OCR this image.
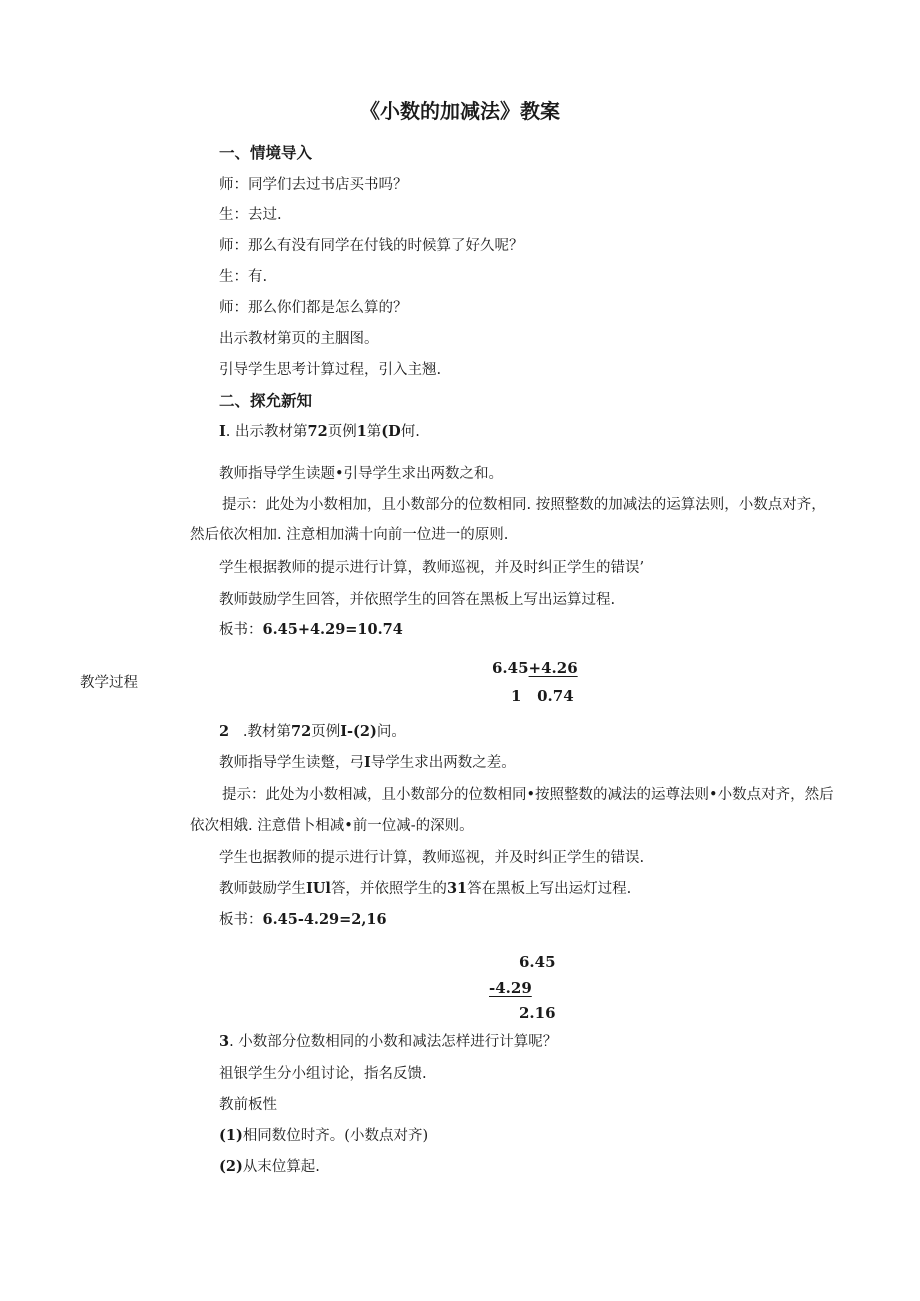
《小数的加减法》教案
一、情境导入
师：同学们去过书店买书吗？
生：去过.
师：那么有没有同学在付钱的时候算了好久呢？
生：有.
师：那么你们都是怎么算的？
出示教材第页的主胭图。
引导学生思考计算过程，引入主翘.
二、探允新知
I. 出示教材第72页例1第(D何.
教师指导学生读题•引导学生求出两数之和。
提示：此处为小数相加，且小数部分的位数相同. 按照整数的加减法的运算法则，小数点对齐，
然后依次相加. 注意相加满十向前一位进一的原则.
学生根据教师的提示进行计算，教师巡视，并及时纠正学生的错误’
教师鼓励学生回答，并依照学生的回答在黑板上写出运算过程.
板书：6.45+4.29=10.74
教学过程
6.45+4.26
1 0.74
2 .教材第72页例I-(2)问。
教师指导学生读蹩，弓I导学生求出两数之差。
提示：此处为小数相减，且小数部分的位数相同•按照整数的减法的运尊法则•小数点对齐，然后
依次相娥. 注意借卜相减•前一位减-的深则。
学生也据教师的提示进行计算，教师巡视，并及时纠正学生的错误.
教师鼓励学生IUl答，并依照学生的31答在黑板上写出运灯过程.
板书：6.45-4.29=2,16
6.45
-4.29
2.16
3. 小数部分位数相同的小数和减法怎样进行计算呢？
祖银学生分小组讨论，指名反馈.
教前板性
(1)相同数位时齐。(小数点对齐)
(2)从末位算起.
